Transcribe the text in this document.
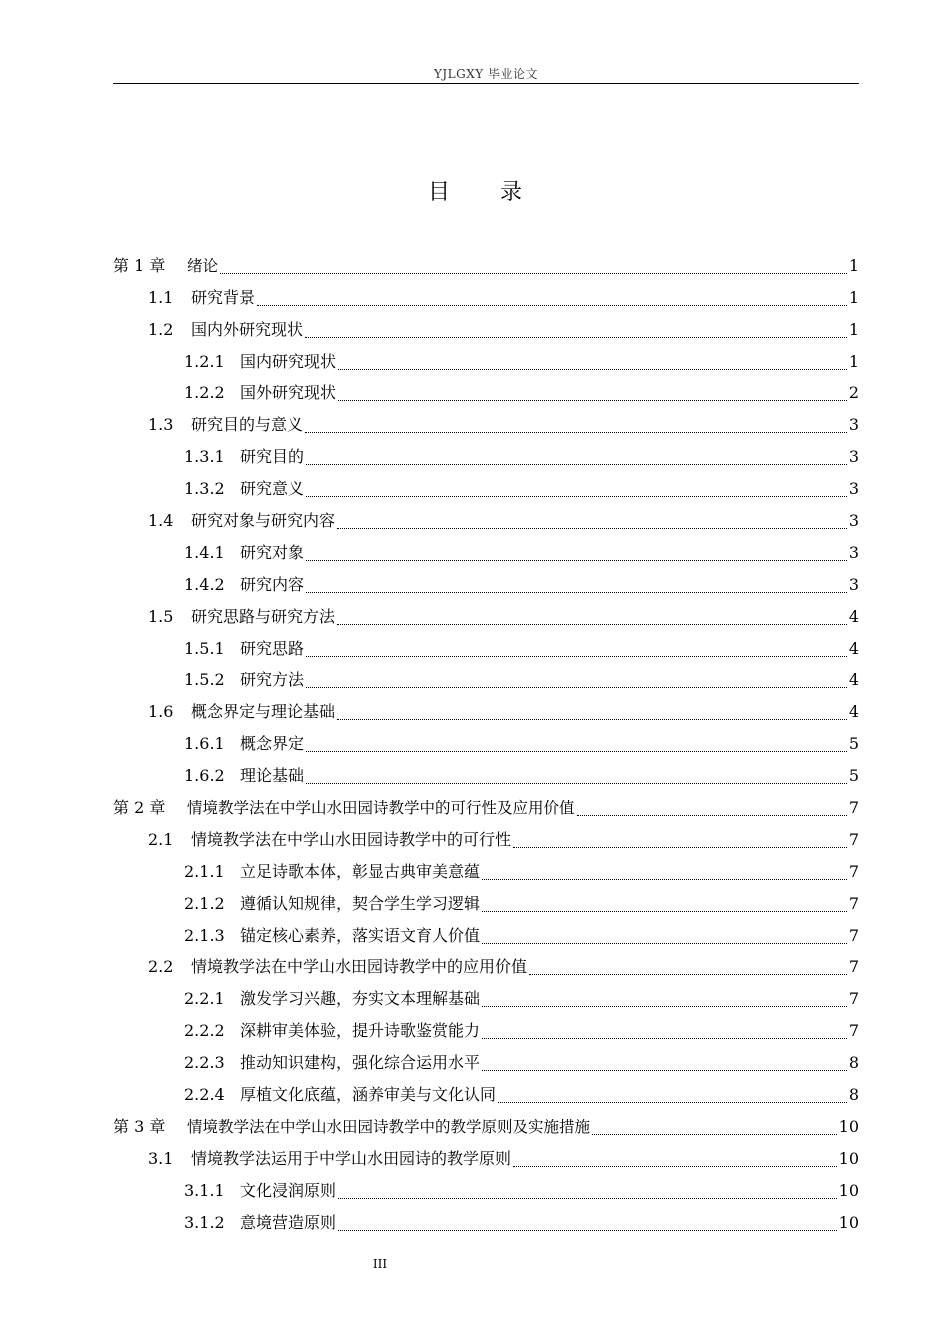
YJLGXY 毕业论文
目录
第 1 章	绪论	1
1.1	研究背景	1
1.2	国内外研究现状	1
1.2.1 国内研究现状	1
1.2.2 国外研究现状	2
1.3	研究目的与意义	3
1.3.1 研究目的	3
1.3.2 研究意义	3
1.4	研究对象与研究内容	3
1.4.1 研究对象	3
1.4.2 研究内容	3
1.5	研究思路与研究方法	4
1.5.1 研究思路	4
1.5.2 研究方法	4
1.6	概念界定与理论基础	4
1.6.1 概念界定	5
1.6.2 理论基础	5
第 2 章	情境教学法在中学山水田园诗教学中的可行性及应用价值	7
2.1	情境教学法在中学山水田园诗教学中的可行性	7
2.1.1 立足诗歌本体，彰显古典审美意蕴	7
2.1.2 遵循认知规律，契合学生学习逻辑	7
2.1.3 锚定核心素养，落实语文育人价值	7
2.2	情境教学法在中学山水田园诗教学中的应用价值	7
2.2.1 激发学习兴趣，夯实文本理解基础	7
2.2.2 深耕审美体验，提升诗歌鉴赏能力	7
2.2.3 推动知识建构，强化综合运用水平	8
2.2.4 厚植文化底蕴，涵养审美与文化认同	8
第 3 章	情境教学法在中学山水田园诗教学中的教学原则及实施措施	10
3.1	情境教学法运用于中学山水田园诗的教学原则	10
3.1.1 文化浸润原则	10
3.1.2 意境营造原则	10
III
